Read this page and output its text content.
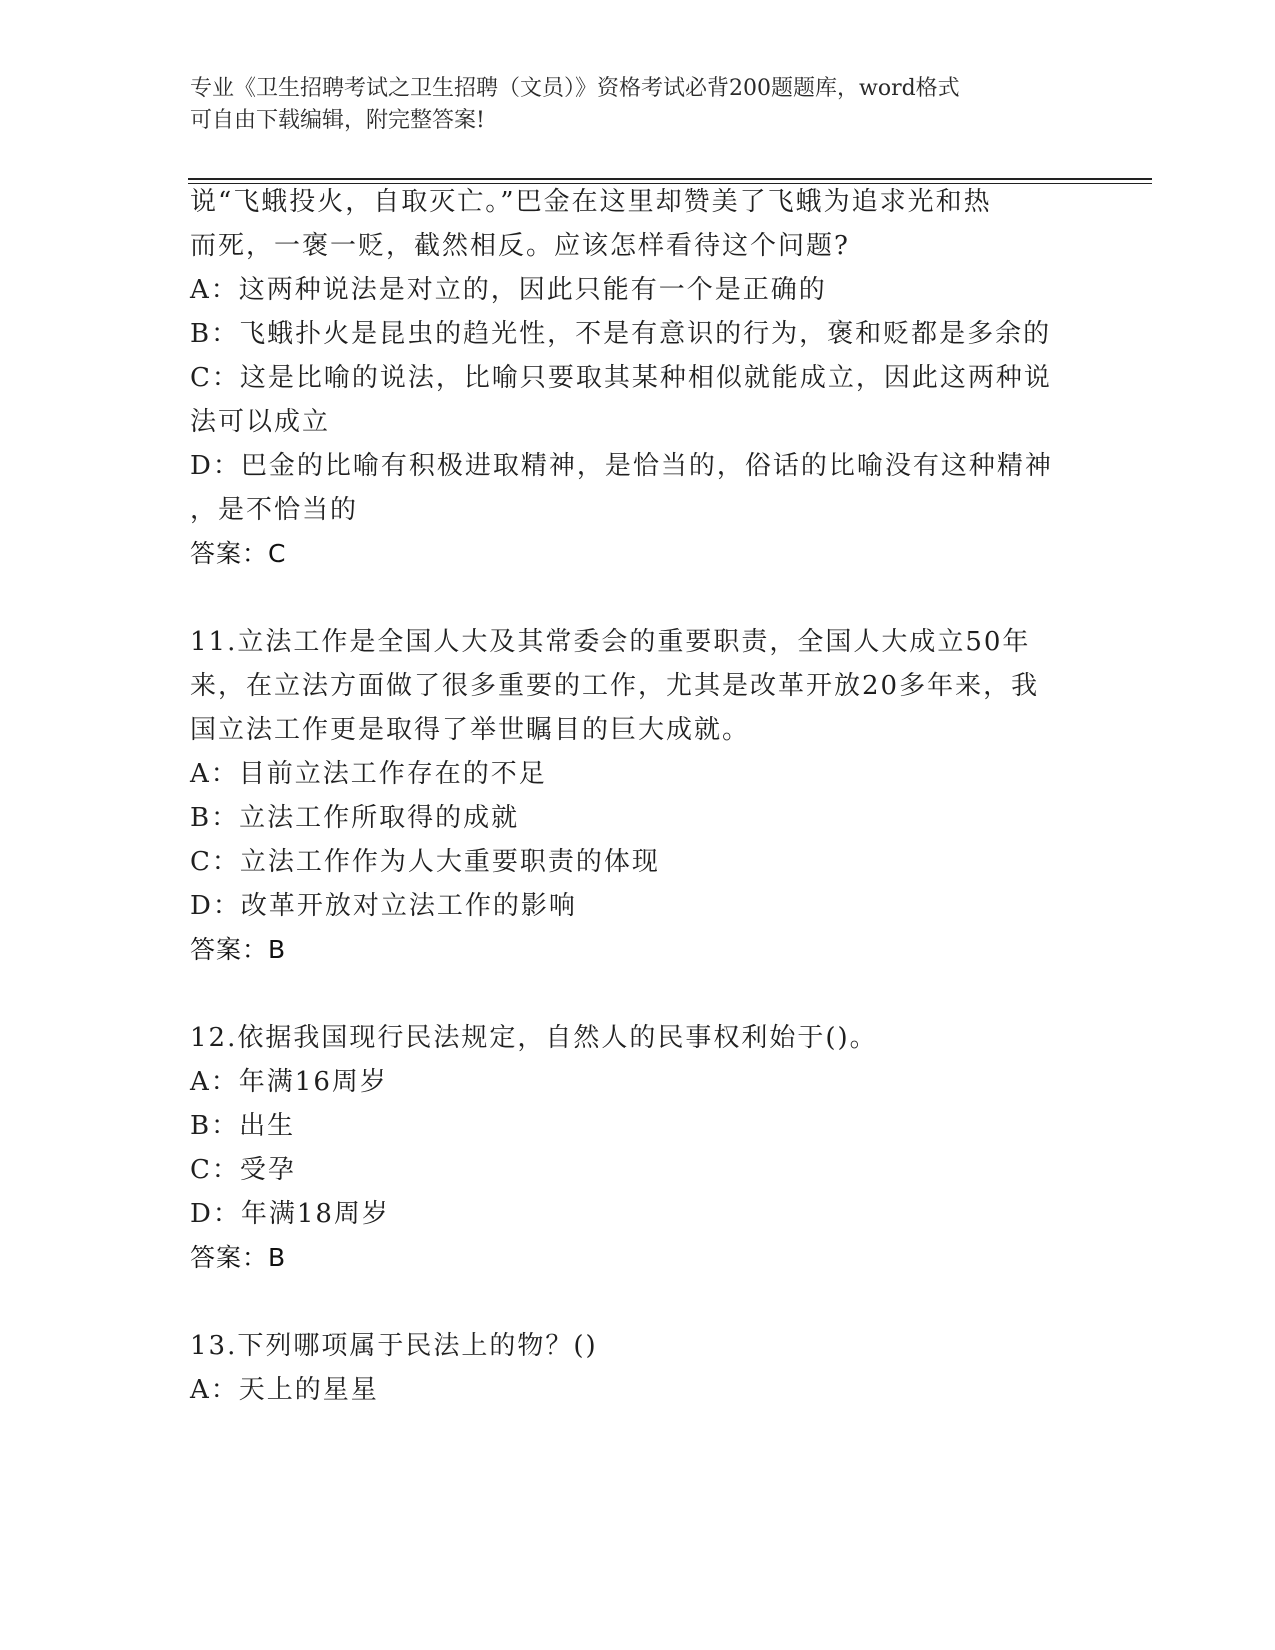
专业《卫生招聘考试之卫生招聘（文员）》资格考试必背200题题库，word格式
可自由下载编辑，附完整答案!
说“飞蛾投火，自取灭亡。”巴金在这里却赞美了飞蛾为追求光和热
而死，一褒一贬，截然相反。应该怎样看待这个问题?
A：这两种说法是对立的，因此只能有一个是正确的
B：飞蛾扑火是昆虫的趋光性，不是有意识的行为，褒和贬都是多余的
C：这是比喻的说法，比喻只要取其某种相似就能成立，因此这两种说
法可以成立
D：巴金的比喻有积极进取精神，是恰当的，俗话的比喻没有这种精神
，是不恰当的
答案：C
11.立法工作是全国人大及其常委会的重要职责，全国人大成立50年
来，在立法方面做了很多重要的工作，尤其是改革开放20多年来，我
国立法工作更是取得了举世瞩目的巨大成就。
A：目前立法工作存在的不足
B：立法工作所取得的成就
C：立法工作作为人大重要职责的体现
D：改革开放对立法工作的影响
答案：B
12.依据我国现行民法规定，自然人的民事权利始于()。
A：年满16周岁
B：出生
C：受孕
D：年满18周岁
答案：B
13.下列哪项属于民法上的物？()
A：天上的星星
